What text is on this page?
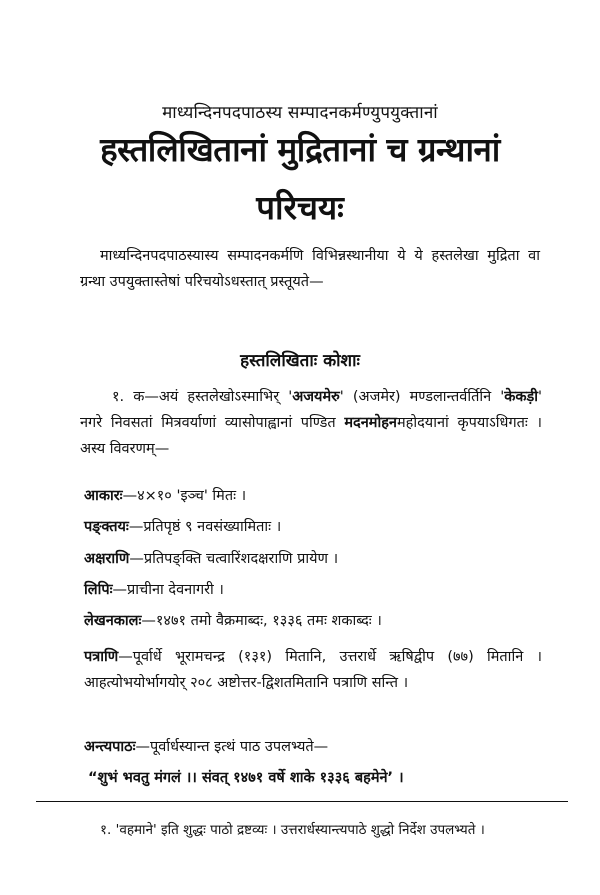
माध्यन्दिनपदपाठस्य सम्पादनकर्मण्युपयुक्तानां
हस्तलिखितानां मुद्रितानां च ग्रन्थानां
परिचयः
माध्यन्दिनपदपाठस्यास्य सम्पादनकर्मणि विभिन्नस्थानीया ये ये हस्तलेखा मुद्रिता वा ग्रन्था उपयुक्तास्तेषां परिचयोऽधस्तात् प्रस्तूयते—
हस्तलिखिताः कोशाः
१. क—अयं हस्तलेखोऽस्माभिर् 'अजयमेरु' (अजमेर) मण्डलान्तर्वर्तिनि 'केकड़ी' नगरे निवसतां मित्रवर्याणां व्यासोपाह्वानां पण्डित मदनमोहनमहोदयानां कृपयाऽधिगतः । अस्य विवरणम्—
आकारः—४×१० 'इञ्च' मितः ।
पङ्क्तयः—प्रतिपृष्ठं ९ नवसंख्यामिताः ।
अक्षराणि—प्रतिपङ्क्ति चत्वारिंशदक्षराणि प्रायेण ।
लिपिः—प्राचीना देवनागरी ।
लेखनकालः—१४७१ तमो वैक्रमाब्दः, १३३६ तमः शकाब्दः ।
पत्राणि—पूर्वार्धे भूरामचन्द्र (१३१) मितानि, उत्तरार्धे ऋषिद्वीप (७७) मितानि । आहत्योभयोर्भागयोर् २०८ अष्टोत्तर-द्विशतमितानि पत्राणि सन्ति ।
अन्त्यपाठः—पूर्वार्धस्यान्त इत्थं पाठ उपलभ्यते—
“शुभं भवतु मंगलं ।। संवत् १४७१ वर्षे शाके १३३६ बहमेने’ ।
१. 'वहमाने' इति शुद्धः पाठो द्रष्टव्यः । उत्तरार्धस्यान्त्यपाठे शुद्धो निर्देश उपलभ्यते ।
